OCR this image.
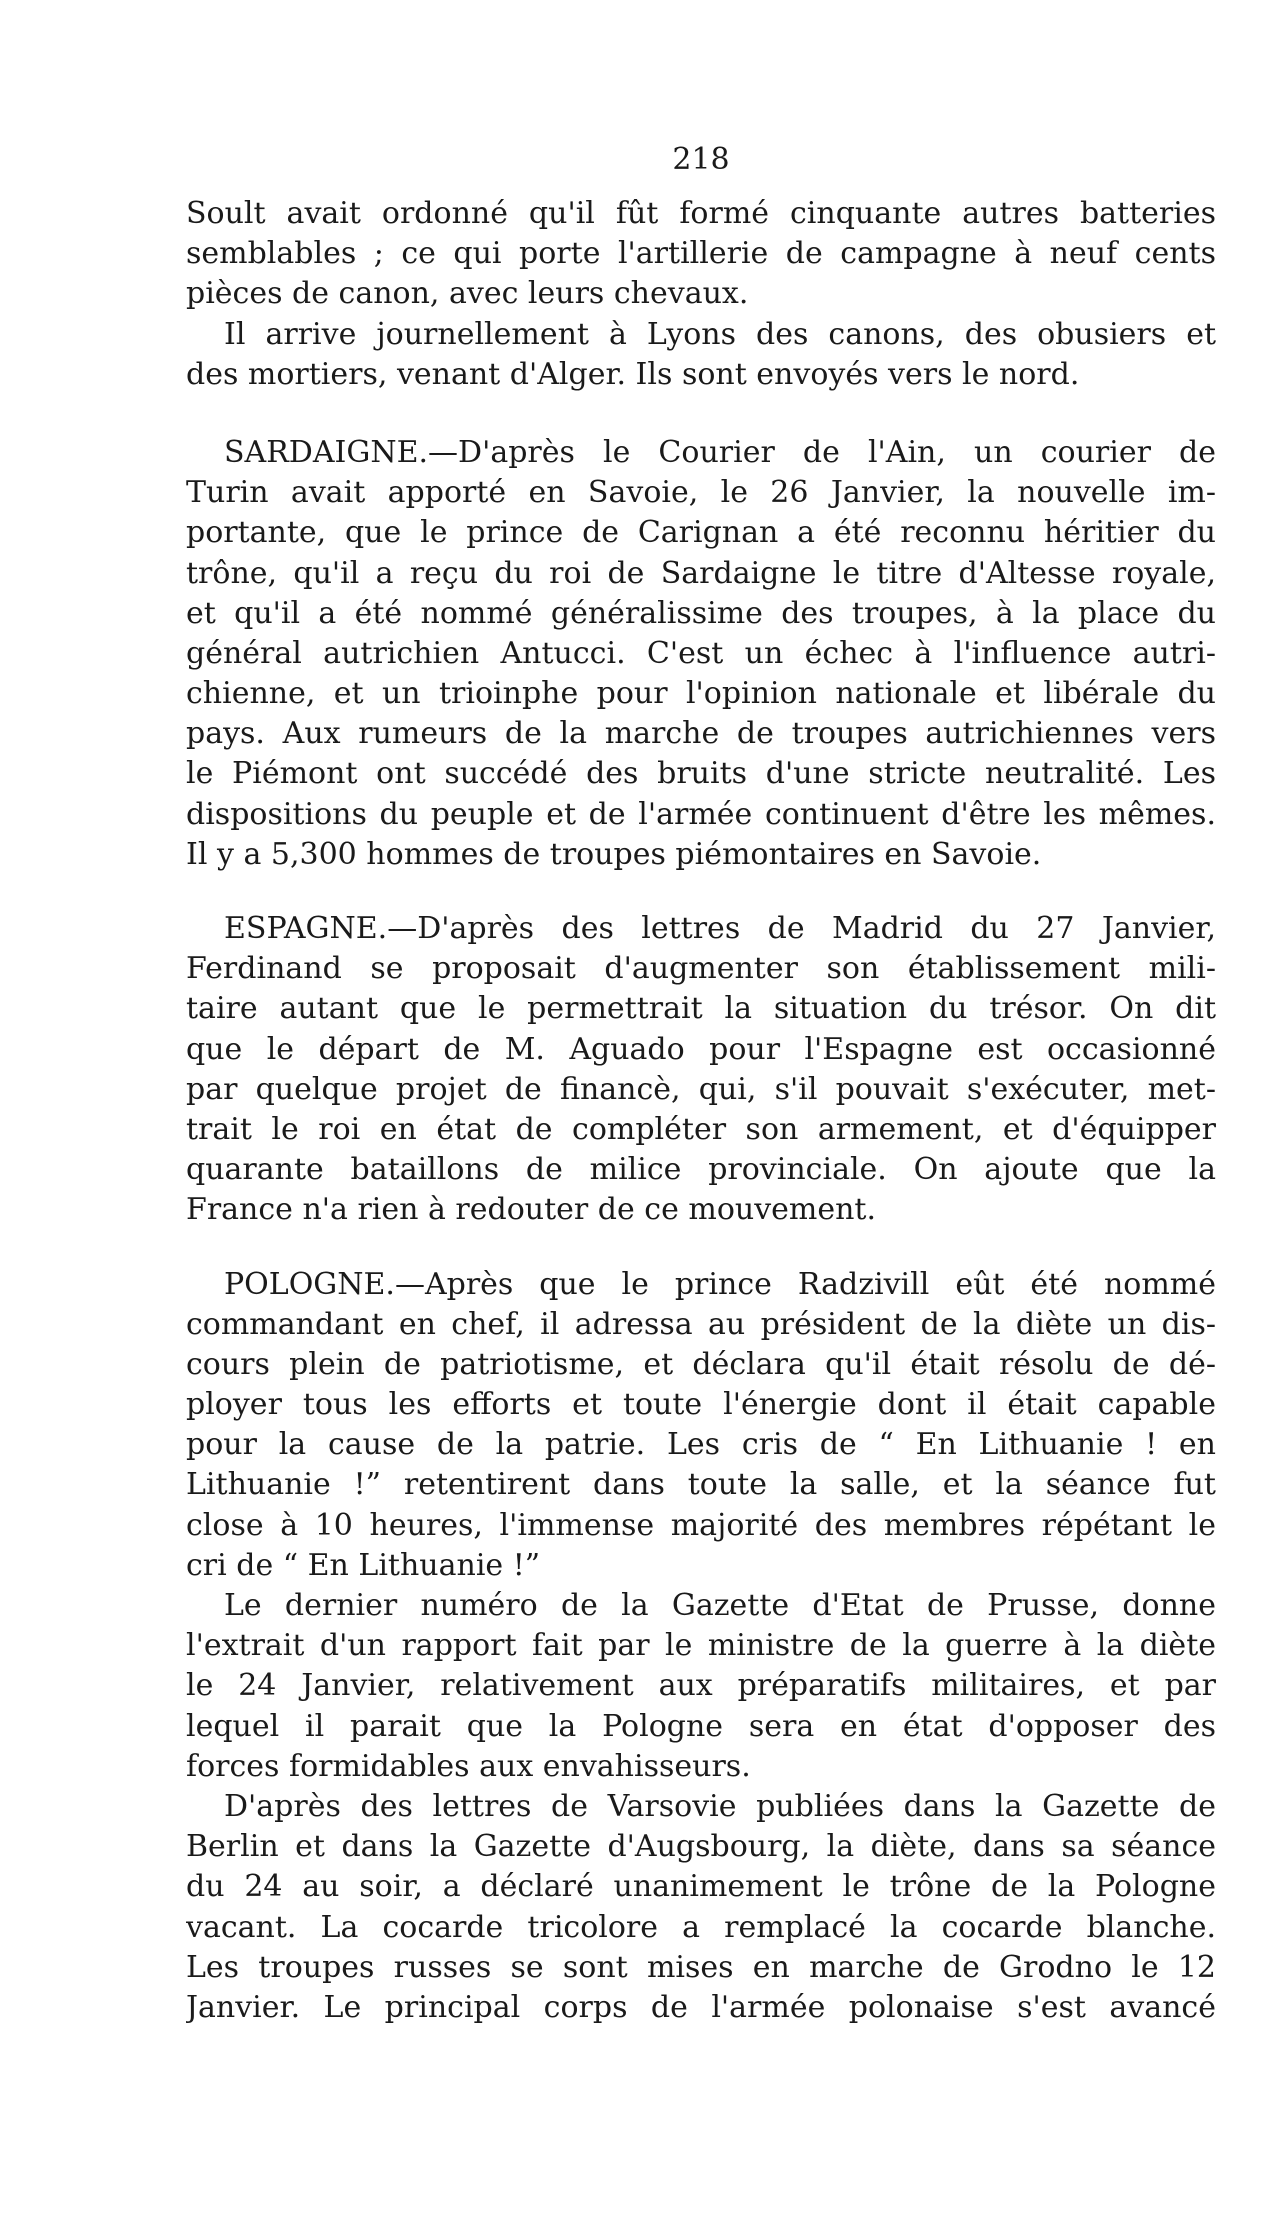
218
Soult avait ordonné qu'il fût formé cinquante autres batteries
semblables ; ce qui porte l'artillerie de campagne à neuf cents
pièces de canon, avec leurs chevaux.
Il arrive journellement à Lyons des canons, des obusiers et
des mortiers, venant d'Alger. Ils sont envoyés vers le nord.
SARDAIGNE.—D'après le Courier de l'Ain, un courier de
Turin avait apporté en Savoie, le 26 Janvier, la nouvelle im-
portante, que le prince de Carignan a été reconnu héritier du
trône, qu'il a reçu du roi de Sardaigne le titre d'Altesse royale,
et qu'il a été nommé généralissime des troupes, à la place du
général autrichien Antucci. C'est un échec à l'influence autri-
chienne, et un trioinphe pour l'opinion nationale et libérale du
pays. Aux rumeurs de la marche de troupes autrichiennes vers
le Piémont ont succédé des bruits d'une stricte neutralité. Les
dispositions du peuple et de l'armée continuent d'être les mêmes.
Il y a 5,300 hommes de troupes piémontaires en Savoie.
ESPAGNE.—D'après des lettres de Madrid du 27 Janvier,
Ferdinand se proposait d'augmenter son établissement mili-
taire autant que le permettrait la situation du trésor. On dit
que le départ de M. Aguado pour l'Espagne est occasionné
par quelque projet de financè, qui, s'il pouvait s'exécuter, met-
trait le roi en état de compléter son armement, et d'équipper
quarante bataillons de milice provinciale. On ajoute que la
France n'a rien à redouter de ce mouvement.
POLOGNE.—Après que le prince Radzivill eût été nommé
commandant en chef, il adressa au président de la diète un dis-
cours plein de patriotisme, et déclara qu'il était résolu de dé-
ployer tous les efforts et toute l'énergie dont il était capable
pour la cause de la patrie. Les cris de “ En Lithuanie ! en
Lithuanie !” retentirent dans toute la salle, et la séance fut
close à 10 heures, l'immense majorité des membres répétant le
cri de “ En Lithuanie !”
Le dernier numéro de la Gazette d'Etat de Prusse, donne
l'extrait d'un rapport fait par le ministre de la guerre à la diète
le 24 Janvier, relativement aux préparatifs militaires, et par
lequel il parait que la Pologne sera en état d'opposer des
forces formidables aux envahisseurs.
D'après des lettres de Varsovie publiées dans la Gazette de
Berlin et dans la Gazette d'Augsbourg, la diète, dans sa séance
du 24 au soir, a déclaré unanimement le trône de la Pologne
vacant. La cocarde tricolore a remplacé la cocarde blanche.
Les troupes russes se sont mises en marche de Grodno le 12
Janvier. Le principal corps de l'armée polonaise s'est avancé
